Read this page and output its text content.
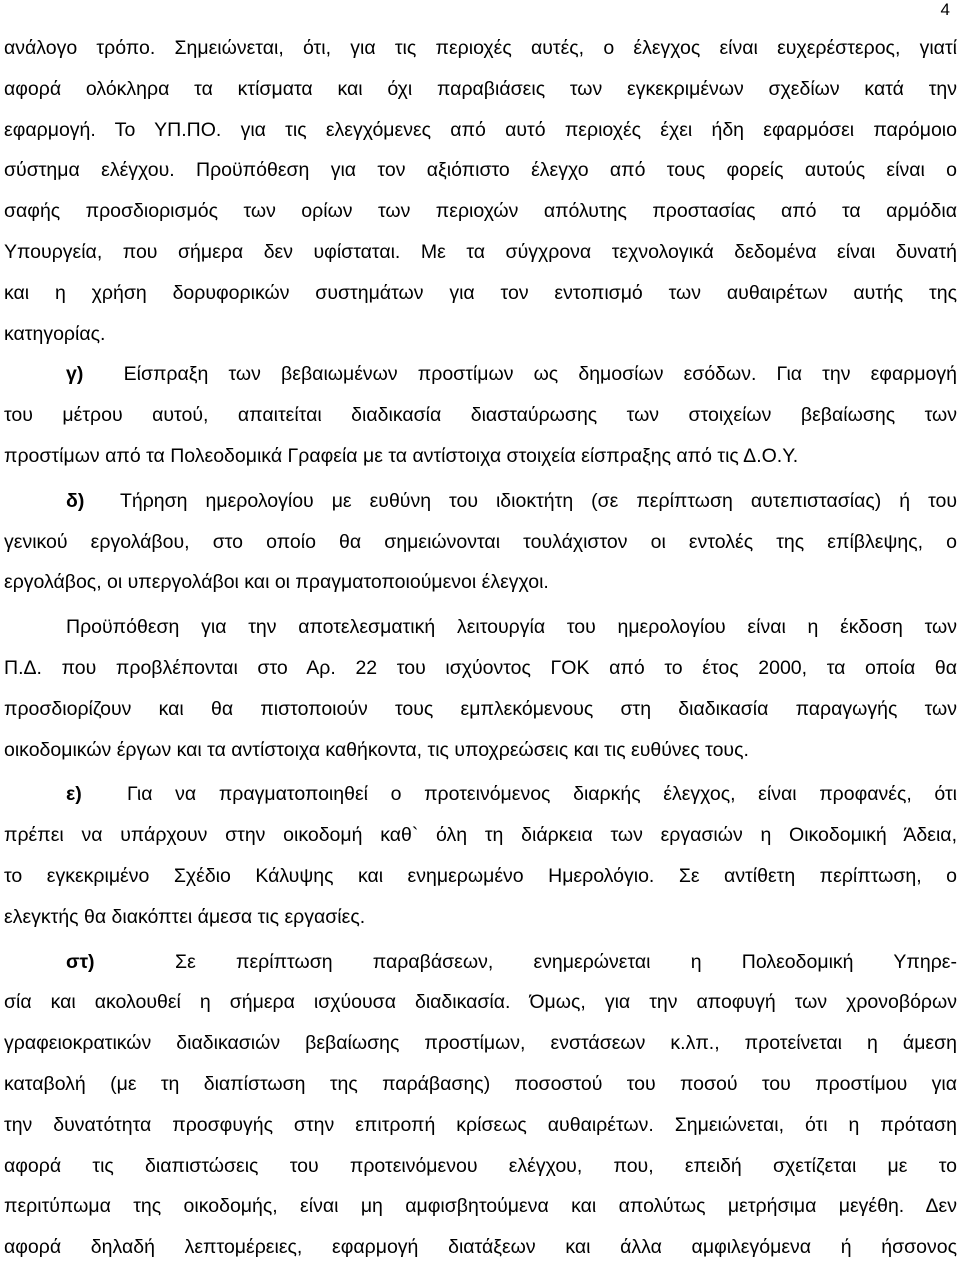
4
ανάλογο τρόπο. Σημειώνεται, ότι, για τις περιοχές αυτές, ο έλεγχος είναι ευχερέστερος, γιατί
αφορά ολόκληρα τα κτίσματα και όχι παραβιάσεις των εγκεκριμένων σχεδίων κατά την
εφαρμογή. Το ΥΠ.ΠΟ. για τις ελεγχόμενες από αυτό περιοχές έχει ήδη εφαρμόσει παρόμοιο
σύστημα ελέγχου. Προϋπόθεση για τον αξιόπιστο έλεγχο από τους φορείς αυτούς είναι ο
σαφής προσδιορισμός των ορίων των περιοχών απόλυτης προστασίας από τα αρμόδια
Υπουργεία, που σήμερα δεν υφίσταται. Με τα σύγχρονα τεχνολογικά δεδομένα είναι δυνατή
και η χρήση δορυφορικών συστημάτων για τον εντοπισμό των αυθαιρέτων αυτής της
κατηγορίας.
γ) Είσπραξη των βεβαιωμένων προστίμων ως δημοσίων εσόδων. Για την εφαρμογή
του μέτρου αυτού, απαιτείται διαδικασία διασταύρωσης των στοιχείων βεβαίωσης των
προστίμων από τα Πολεοδομικά Γραφεία με τα αντίστοιχα στοιχεία είσπραξης από τις Δ.Ο.Υ.
δ) Τήρηση ημερολογίου με ευθύνη του ιδιοκτήτη (σε περίπτωση αυτεπιστασίας) ή του
γενικού εργολάβου, στο οποίο θα σημειώνονται τουλάχιστον οι εντολές της επίβλεψης, ο
εργολάβος, οι υπεργολάβοι και οι πραγματοποιούμενοι έλεγχοι.
Προϋπόθεση για την αποτελεσματική λειτουργία του ημερολογίου είναι η έκδοση των
Π.Δ. που προβλέπονται στο Αρ. 22 του ισχύοντος ΓΟΚ από το έτος 2000, τα οποία θα
προσδιορίζουν και θα πιστοποιούν τους εμπλεκόμενους στη διαδικασία παραγωγής των
οικοδομικών έργων και τα αντίστοιχα καθήκοντα, τις υποχρεώσεις και τις ευθύνες τους.
ε) Για να πραγματοποιηθεί ο προτεινόμενος διαρκής έλεγχος, είναι προφανές, ότι
πρέπει να υπάρχουν στην οικοδομή καθ` όλη τη διάρκεια των εργασιών η Οικοδομική Άδεια,
το εγκεκριμένο Σχέδιο Κάλυψης και ενημερωμένο Ημερολόγιο. Σε αντίθετη περίπτωση, ο
ελεγκτής θα διακόπτει άμεσα τις εργασίες.
στ)	Σε περίπτωση παραβάσεων, ενημερώνεται η Πολεοδομική Υπηρε-
σία και ακολουθεί η σήμερα ισχύουσα διαδικασία. Όμως, για την αποφυγή των χρονοβόρων
γραφειοκρατικών διαδικασιών βεβαίωσης προστίμων, ενστάσεων κ.λπ., προτείνεται η άμεση
καταβολή (με τη διαπίστωση της παράβασης) ποσοστού του ποσού του προστίμου για
την δυνατότητα προσφυγής στην επιτροπή κρίσεως αυθαιρέτων. Σημειώνεται, ότι η πρόταση
αφορά τις διαπιστώσεις του προτεινόμενου ελέγχου, που, επειδή σχετίζεται με το
περιτύπωμα της οικοδομής, είναι μη αμφισβητούμενα και απολύτως μετρήσιμα μεγέθη. Δεν
αφορά δηλαδή λεπτομέρειες, εφαρμογή διατάξεων και άλλα αμφιλεγόμενα ή ήσσονος
